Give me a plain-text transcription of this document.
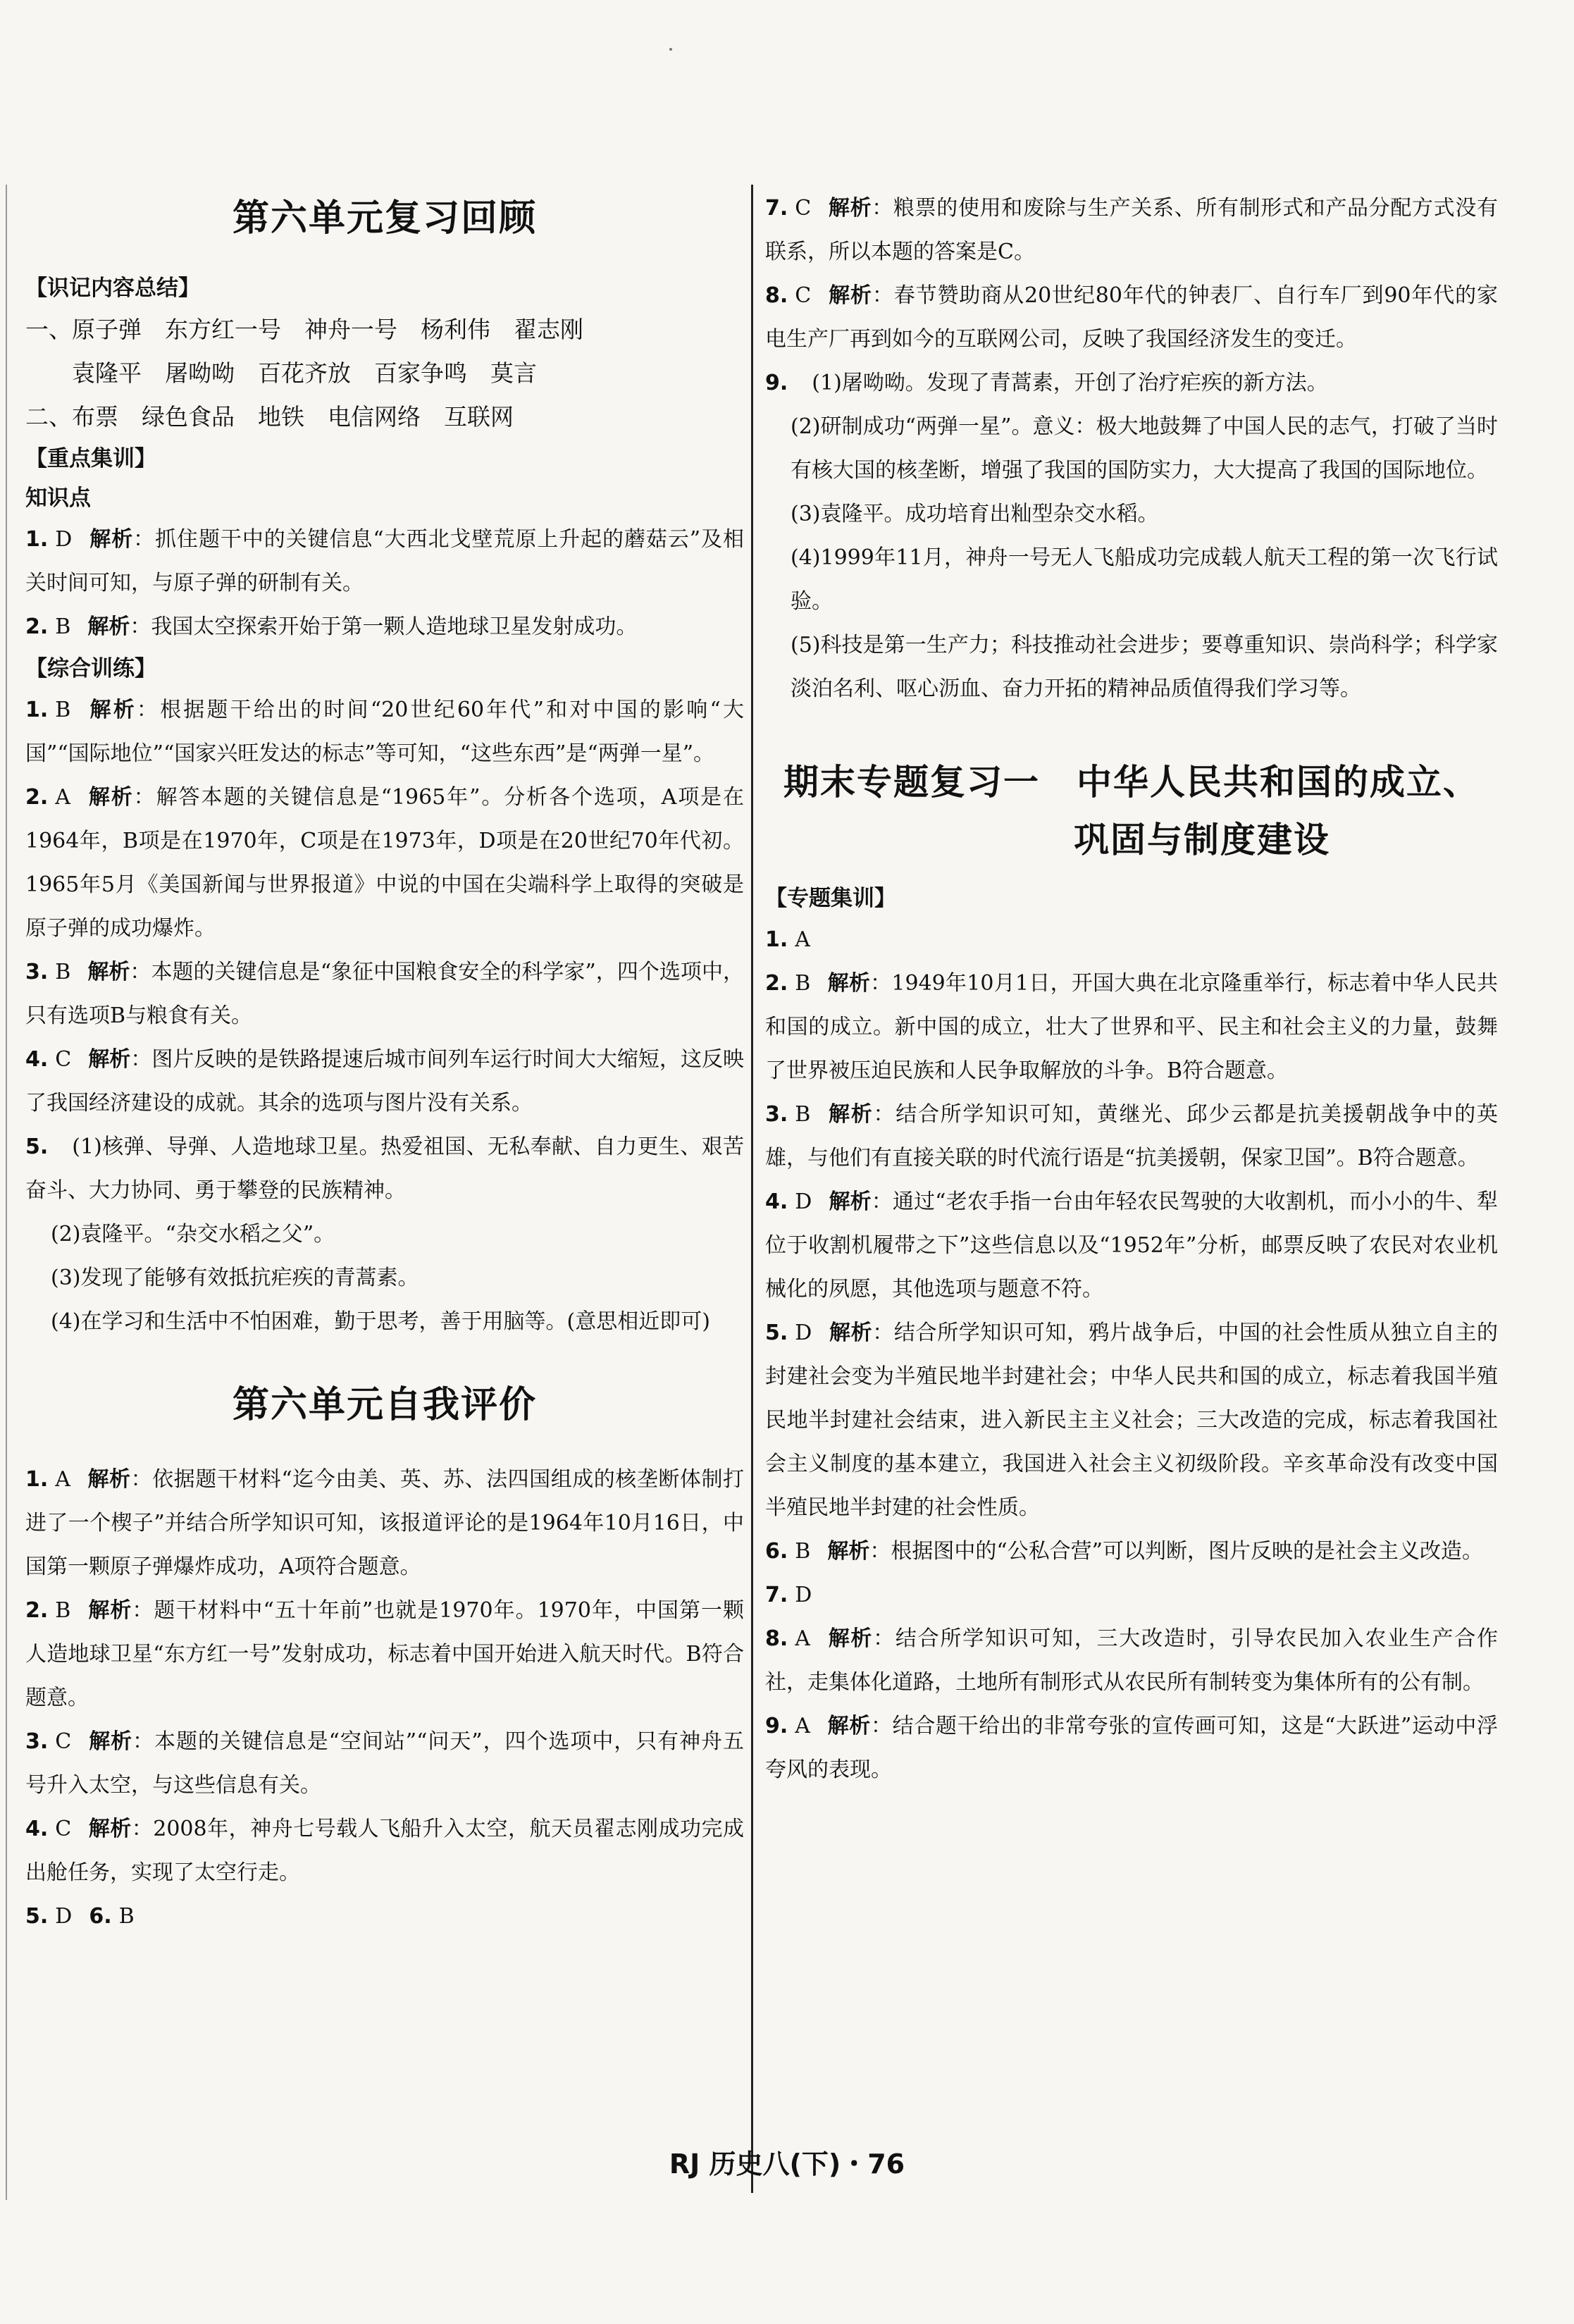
第六单元复习回顾

【识记内容总结】

一、原子弹　东方红一号　神舟一号　杨利伟　翟志刚

　　袁隆平　屠呦呦　百花齐放　百家争鸣　莫言

二、布票　绿色食品　地铁　电信网络　互联网

【重点集训】

知识点

1. D 解析：抓住题干中的关键信息“大西北戈壁荒原上升起的蘑菇云”及相关时间可知，与原子弹的研制有关。

2. B 解析：我国太空探索开始于第一颗人造地球卫星发射成功。

【综合训练】

1. B 解析：根据题干给出的时间“20世纪60年代”和对中国的影响“大国”“国际地位”“国家兴旺发达的标志”等可知，“这些东西”是“两弹一星”。

2. A 解析：解答本题的关键信息是“1965年”。分析各个选项，A项是在1964年，B项是在1970年，C项是在1973年，D项是在20世纪70年代初。1965年5月《美国新闻与世界报道》中说的中国在尖端科学上取得的突破是原子弹的成功爆炸。

3. B 解析：本题的关键信息是“象征中国粮食安全的科学家”，四个选项中，只有选项B与粮食有关。

4. C 解析：图片反映的是铁路提速后城市间列车运行时间大大缩短，这反映了我国经济建设的成就。其余的选项与图片没有关系。

5. (1)核弹、导弹、人造地球卫星。热爱祖国、无私奉献、自力更生、艰苦奋斗、大力协同、勇于攀登的民族精神。

(2)袁隆平。“杂交水稻之父”。

(3)发现了能够有效抵抗疟疾的青蒿素。

(4)在学习和生活中不怕困难，勤于思考，善于用脑等。(意思相近即可)

第六单元自我评价

1. A 解析：依据题干材料“迄今由美、英、苏、法四国组成的核垄断体制打进了一个楔子”并结合所学知识可知，该报道评论的是1964年10月16日，中国第一颗原子弹爆炸成功，A项符合题意。

2. B 解析：题干材料中“五十年前”也就是1970年。1970年，中国第一颗人造地球卫星“东方红一号”发射成功，标志着中国开始进入航天时代。B符合题意。

3. C 解析：本题的关键信息是“空间站”“问天”，四个选项中，只有神舟五号升入太空，与这些信息有关。

4. C 解析：2008年，神舟七号载人飞船升入太空，航天员翟志刚成功完成出舱任务，实现了太空行走。

5. D 6. B

7. C 解析：粮票的使用和废除与生产关系、所有制形式和产品分配方式没有联系，所以本题的答案是C。

8. C 解析：春节赞助商从20世纪80年代的钟表厂、自行车厂到90年代的家电生产厂再到如今的互联网公司，反映了我国经济发生的变迁。

9. (1)屠呦呦。发现了青蒿素，开创了治疗疟疾的新方法。

(2)研制成功“两弹一星”。意义：极大地鼓舞了中国人民的志气，打破了当时有核大国的核垄断，增强了我国的国防实力，大大提高了我国的国际地位。

(3)袁隆平。成功培育出籼型杂交水稻。

(4)1999年11月，神舟一号无人飞船成功完成载人航天工程的第一次飞行试验。

(5)科技是第一生产力；科技推动社会进步；要尊重知识、崇尚科学；科学家淡泊名利、呕心沥血、奋力开拓的精神品质值得我们学习等。

期末专题复习一　中华人民共和国的成立、
巩固与制度建设

【专题集训】

1. A

2. B 解析：1949年10月1日，开国大典在北京隆重举行，标志着中华人民共和国的成立。新中国的成立，壮大了世界和平、民主和社会主义的力量，鼓舞了世界被压迫民族和人民争取解放的斗争。B符合题意。

3. B 解析：结合所学知识可知，黄继光、邱少云都是抗美援朝战争中的英雄，与他们有直接关联的时代流行语是“抗美援朝，保家卫国”。B符合题意。

4. D 解析：通过“老农手指一台由年轻农民驾驶的大收割机，而小小的牛、犁位于收割机履带之下”这些信息以及“1952年”分析，邮票反映了农民对农业机械化的夙愿，其他选项与题意不符。

5. D 解析：结合所学知识可知，鸦片战争后，中国的社会性质从独立自主的封建社会变为半殖民地半封建社会；中华人民共和国的成立，标志着我国半殖民地半封建社会结束，进入新民主主义社会；三大改造的完成，标志着我国社会主义制度的基本建立，我国进入社会主义初级阶段。辛亥革命没有改变中国半殖民地半封建的社会性质。

6. B 解析：根据图中的“公私合营”可以判断，图片反映的是社会主义改造。

7. D

8. A 解析：结合所学知识可知，三大改造时，引导农民加入农业生产合作社，走集体化道路，土地所有制形式从农民所有制转变为集体所有的公有制。

9. A 解析：结合题干给出的非常夸张的宣传画可知，这是“大跃进”运动中浮夸风的表现。

RJ 历史八(下)・76
